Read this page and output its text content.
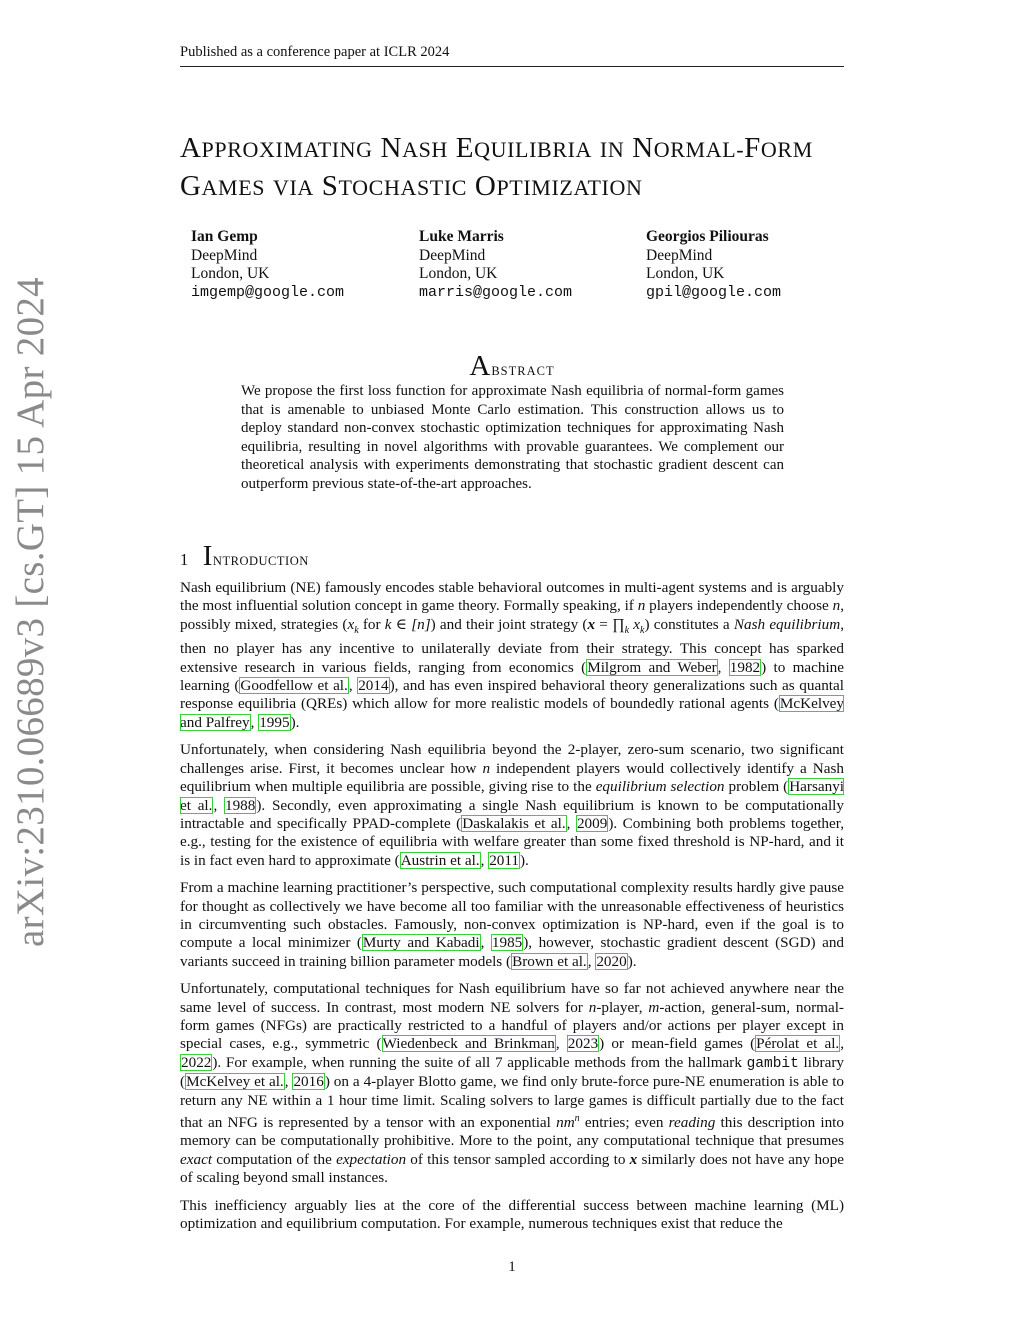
Published as a conference paper at ICLR 2024
arXiv:2310.06689v3 [cs.GT] 15 Apr 2024
APPROXIMATING NASH EQUILIBRIA IN NORMAL-FORM GAMES VIA STOCHASTIC OPTIMIZATION
Ian Gemp
DeepMind
London, UK
imgemp@google.com
Luke Marris
DeepMind
London, UK
marris@google.com
Georgios Piliouras
DeepMind
London, UK
gpil@google.com
ABSTRACT

We propose the first loss function for approximate Nash equilibria of normal-form games that is amenable to unbiased Monte Carlo estimation. This construction allows us to deploy standard non-convex stochastic optimization techniques for approximating Nash equilibria, resulting in novel algorithms with provable guarantees. We complement our theoretical analysis with experiments demonstrating that stochastic gradient descent can outperform previous state-of-the-art approaches.

1 INTRODUCTION

Nash equilibrium (NE) famously encodes stable behavioral outcomes in multi-agent systems and is arguably the most influential solution concept in game theory. Formally speaking, if n players independently choose n, possibly mixed, strategies ($x_k$ for k ∈ [n]) and their joint strategy ($x = \prod_k$ $x_k$) constitutes a Nash equilibrium, then no player has any incentive to unilaterally deviate from their strategy. This concept has sparked extensive research in various fields, ranging from economics (Milgrom and Weber, 1982) to machine learning (Goodfellow et al., 2014), and has even inspired behavioral theory generalizations such as quantal response equilibria (QREs) which allow for more realistic models of boundedly rational agents (McKelvey and Palfrey, 1995).

Unfortunately, when considering Nash equilibria beyond the 2-player, zero-sum scenario, two significant challenges arise. First, it becomes unclear how n independent players would collectively identify a Nash equilibrium when multiple equilibria are possible, giving rise to the equilibrium selection problem (Harsanyi et al., 1988). Secondly, even approximating a single Nash equilibrium is known to be computationally intractable and specifically PPAD-complete (Daskalakis et al., 2009). Combining both problems together, e.g., testing for the existence of equilibria with welfare greater than some fixed threshold is NP-hard, and it is in fact even hard to approximate (Austrin et al., 2011).

From a machine learning practitioner’s perspective, such computational complexity results hardly give pause for thought as collectively we have become all too familiar with the unreasonable effectiveness of heuristics in circumventing such obstacles. Famously, non-convex optimization is NP-hard, even if the goal is to compute a local minimizer (Murty and Kabadi, 1985), however, stochastic gradient descent (SGD) and variants succeed in training billion parameter models (Brown et al., 2020).

Unfortunately, computational techniques for Nash equilibrium have so far not achieved anywhere near the same level of success. In contrast, most modern NE solvers for n-player, m-action, general-sum, normal-form games (NFGs) are practically restricted to a handful of players and/or actions per player except in special cases, e.g., symmetric (Wiedenbeck and Brinkman, 2023) or mean-field games (Pérolat et al., 2022). For example, when running the suite of all 7 applicable methods from the hallmark gambit library (McKelvey et al., 2016) on a 4-player Blotto game, we find only brute-force pure-NE enumeration is able to return any NE within a 1 hour time limit. Scaling solvers to large games is difficult partially due to the fact that an NFG is represented by a tensor with an exponential $nm^n$ entries; even reading this description into memory can be computationally prohibitive. More to the point, any computational technique that presumes exact computation of the expectation of this tensor sampled according to x similarly does not have any hope of scaling beyond small instances.

This inefficiency arguably lies at the core of the differential success between machine learning (ML) optimization and equilibrium computation. For example, numerous techniques exist that reduce the

1
